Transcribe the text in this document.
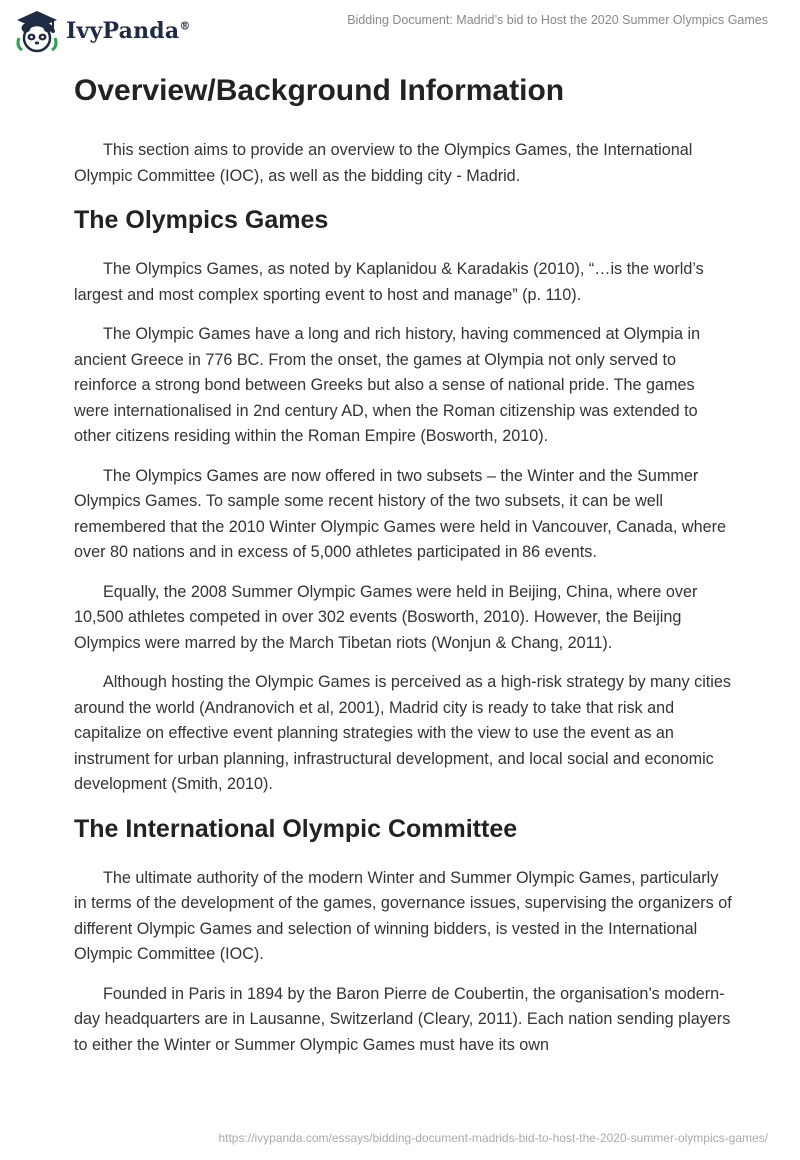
IvyPanda®	Bidding Document: Madrid’s bid to Host the 2020 Summer Olympics Games
Overview/Background Information

This section aims to provide an overview to the Olympics Games, the International Olympic Committee (IOC), as well as the bidding city - Madrid.

The Olympics Games

The Olympics Games, as noted by Kaplanidou & Karadakis (2010), “…is the world’s largest and most complex sporting event to host and manage” (p. 110).

The Olympic Games have a long and rich history, having commenced at Olympia in ancient Greece in 776 BC. From the onset, the games at Olympia not only served to reinforce a strong bond between Greeks but also a sense of national pride. The games were internationalised in 2nd century AD, when the Roman citizenship was extended to other citizens residing within the Roman Empire (Bosworth, 2010).

The Olympics Games are now offered in two subsets – the Winter and the Summer Olympics Games. To sample some recent history of the two subsets, it can be well remembered that the 2010 Winter Olympic Games were held in Vancouver, Canada, where over 80 nations and in excess of 5,000 athletes participated in 86 events.

Equally, the 2008 Summer Olympic Games were held in Beijing, China, where over 10,500 athletes competed in over 302 events (Bosworth, 2010). However, the Beijing Olympics were marred by the March Tibetan riots (Wonjun & Chang, 2011).

Although hosting the Olympic Games is perceived as a high-risk strategy by many cities around the world (Andranovich et al, 2001), Madrid city is ready to take that risk and capitalize on effective event planning strategies with the view to use the event as an instrument for urban planning, infrastructural development, and local social and economic development (Smith, 2010).

The International Olympic Committee

The ultimate authority of the modern Winter and Summer Olympic Games, particularly in terms of the development of the games, governance issues, supervising the organizers of different Olympic Games and selection of winning bidders, is vested in the International Olympic Committee (IOC).

Founded in Paris in 1894 by the Baron Pierre de Coubertin, the organisation’s modern-day headquarters are in Lausanne, Switzerland (Cleary, 2011). Each nation sending players to either the Winter or Summer Olympic Games must have its own

https://ivypanda.com/essays/bidding-document-madrids-bid-to-host-the-2020-summer-olympics-games/
